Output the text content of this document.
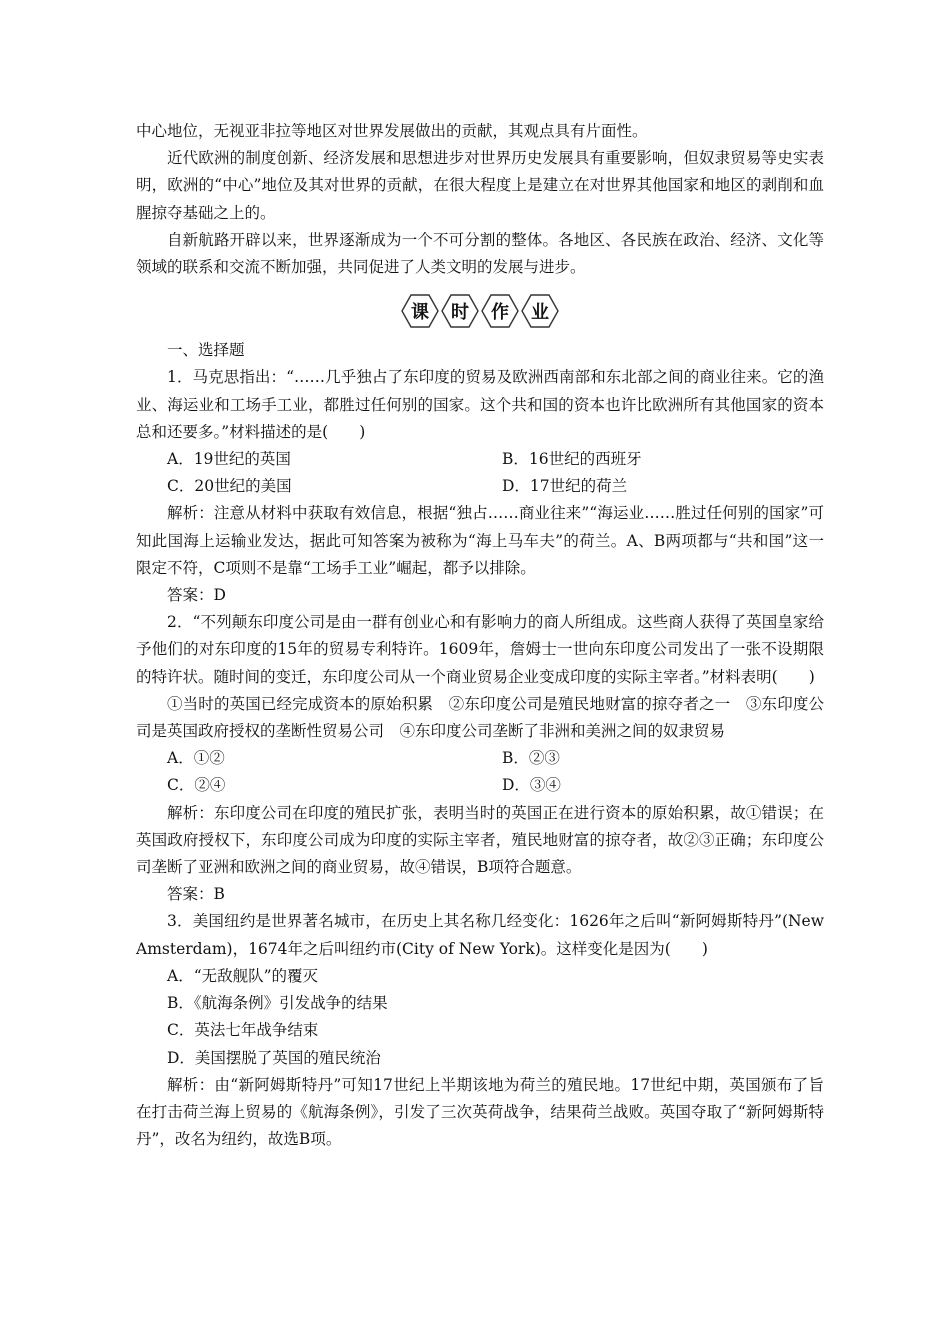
中心地位，无视亚非拉等地区对世界发展做出的贡献，其观点具有片面性。

近代欧洲的制度创新、经济发展和思想进步对世界历史发展具有重要影响，但奴隶贸易等史实表明，欧洲的“中心”地位及其对世界的贡献，在很大程度上是建立在对世界其他国家和地区的剥削和血腥掠夺基础之上的。

自新航路开辟以来，世界逐渐成为一个不可分割的整体。各地区、各民族在政治、经济、文化等领域的联系和交流不断加强，共同促进了人类文明的发展与进步。

课 时 作 业

一、选择题

1．马克思指出：“……几乎独占了东印度的贸易及欧洲西南部和东北部之间的商业往来。它的渔业、海运业和工场手工业，都胜过任何别的国家。这个共和国的资本也许比欧洲所有其他国家的资本总和还要多。”材料描述的是(　　)

A．19世纪的英国	B．16世纪的西班牙
C．20世纪的美国	D．17世纪的荷兰

解析：注意从材料中获取有效信息，根据“独占……商业往来”“海运业……胜过任何别的国家”可知此国海上运输业发达，据此可知答案为被称为“海上马车夫”的荷兰。A、B两项都与“共和国”这一限定不符，C项则不是靠“工场手工业”崛起，都予以排除。

答案：D

2．“不列颠东印度公司是由一群有创业心和有影响力的商人所组成。这些商人获得了英国皇家给予他们的对东印度的15年的贸易专利特许。1609年，詹姆士一世向东印度公司发出了一张不设期限的特许状。随时间的变迁，东印度公司从一个商业贸易企业变成印度的实际主宰者。”材料表明(　　)

①当时的英国已经完成资本的原始积累　②东印度公司是殖民地财富的掠夺者之一　③东印度公司是英国政府授权的垄断性贸易公司　④东印度公司垄断了非洲和美洲之间的奴隶贸易

A．①②	B．②③
C．②④	D．③④

解析：东印度公司在印度的殖民扩张，表明当时的英国正在进行资本的原始积累，故①错误；在英国政府授权下，东印度公司成为印度的实际主宰者，殖民地财富的掠夺者，故②③正确；东印度公司垄断了亚洲和欧洲之间的商业贸易，故④错误，B项符合题意。

答案：B

3．美国纽约是世界著名城市，在历史上其名称几经变化：1626年之后叫“新阿姆斯特丹”(New Amsterdam)，1674年之后叫纽约市(City of New York)。这样变化是因为(　　)

A．“无敌舰队”的覆灭

B．《航海条例》引发战争的结果

C．英法七年战争结束

D．美国摆脱了英国的殖民统治

解析：由“新阿姆斯特丹”可知17世纪上半期该地为荷兰的殖民地。17世纪中期，英国颁布了旨在打击荷兰海上贸易的《航海条例》，引发了三次英荷战争，结果荷兰战败。英国夺取了“新阿姆斯特丹”，改名为纽约，故选B项。
